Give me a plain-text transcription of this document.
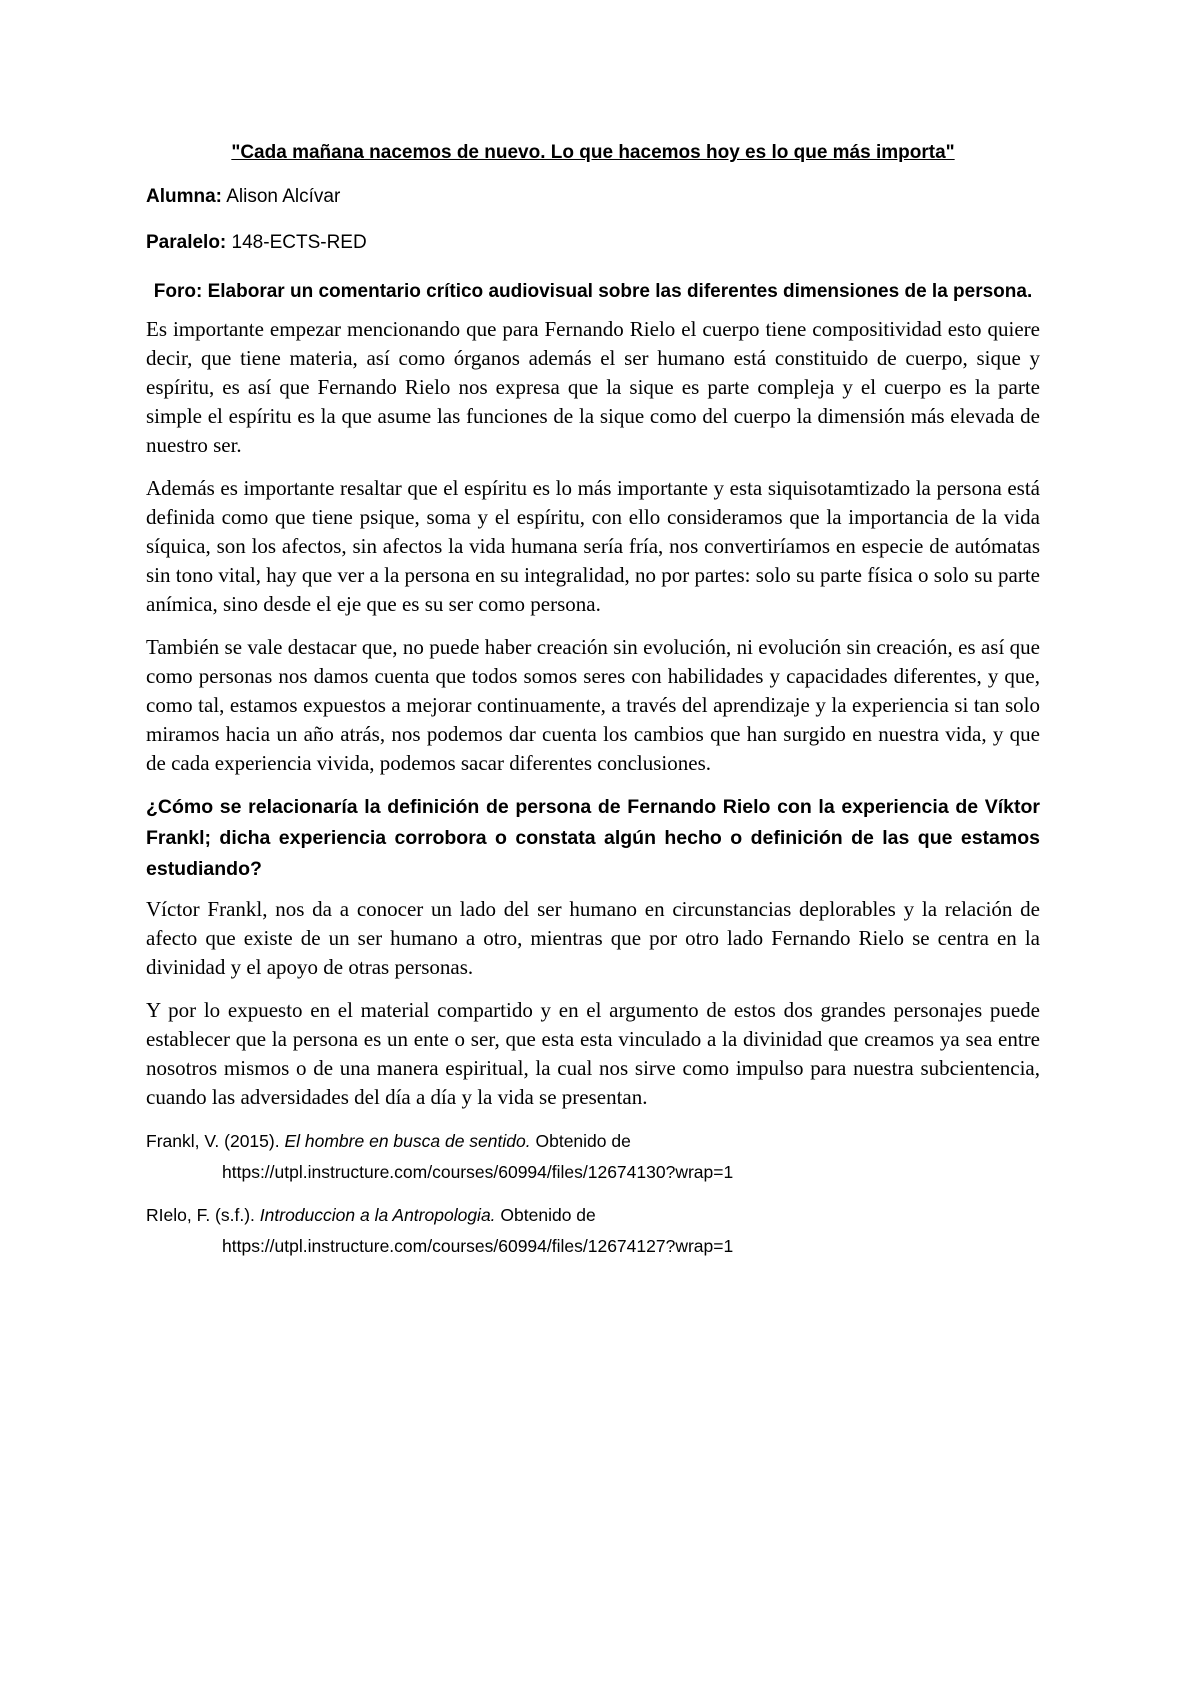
"Cada mañana nacemos de nuevo. Lo que hacemos hoy es lo que más importa"

Alumna: Alison Alcívar

Paralelo: 148-ECTS-RED

Foro: Elaborar un comentario crítico audiovisual sobre las diferentes dimensiones de la persona.

Es importante empezar mencionando que para Fernando Rielo el cuerpo tiene compositividad esto quiere decir, que tiene materia, así como órganos además el ser humano está constituido de cuerpo, sique y espíritu, es así que Fernando Rielo nos expresa que la sique es parte compleja y el cuerpo es la parte simple el espíritu es la que asume las funciones de la sique como del cuerpo la dimensión más elevada de nuestro ser.

Además es importante resaltar que el espíritu es lo más importante y esta siquisotamtizado la persona está definida como que tiene psique, soma y el espíritu, con ello consideramos que la importancia de la vida síquica, son los afectos, sin afectos la vida humana sería fría, nos convertiríamos en especie de autómatas sin tono vital, hay que ver a la persona en su integralidad, no por partes: solo su parte física o solo su parte anímica, sino desde el eje que es su ser como persona.

También se vale destacar que, no puede haber creación sin evolución, ni evolución sin creación, es así que como personas nos damos cuenta que todos somos seres con habilidades y capacidades diferentes, y que, como tal, estamos expuestos a mejorar continuamente, a través del aprendizaje y la experiencia si tan solo miramos hacia un año atrás, nos podemos dar cuenta los cambios que han surgido en nuestra vida, y que de cada experiencia vivida, podemos sacar diferentes conclusiones.

¿Cómo se relacionaría la definición de persona de Fernando Rielo con la experiencia de Víktor Frankl; dicha experiencia corrobora o constata algún hecho o definición de las que estamos estudiando?

Víctor Frankl, nos da a conocer un lado del ser humano en circunstancias deplorables y la relación de afecto que existe de un ser humano a otro, mientras que por otro lado Fernando Rielo se centra en la divinidad y el apoyo de otras personas.

Y por lo expuesto en el material compartido y en el argumento de estos dos grandes personajes puede establecer que la persona es un ente o ser, que esta esta vinculado a la divinidad que creamos ya sea entre nosotros mismos o de una manera espiritual, la cual nos sirve como impulso para nuestra subcientencia, cuando las adversidades del día a día y la vida se presentan.

Frankl, V. (2015). El hombre en busca de sentido. Obtenido de
https://utpl.instructure.com/courses/60994/files/12674130?wrap=1
RIelo, F. (s.f.). Introduccion a la Antropologia. Obtenido de
https://utpl.instructure.com/courses/60994/files/12674127?wrap=1
